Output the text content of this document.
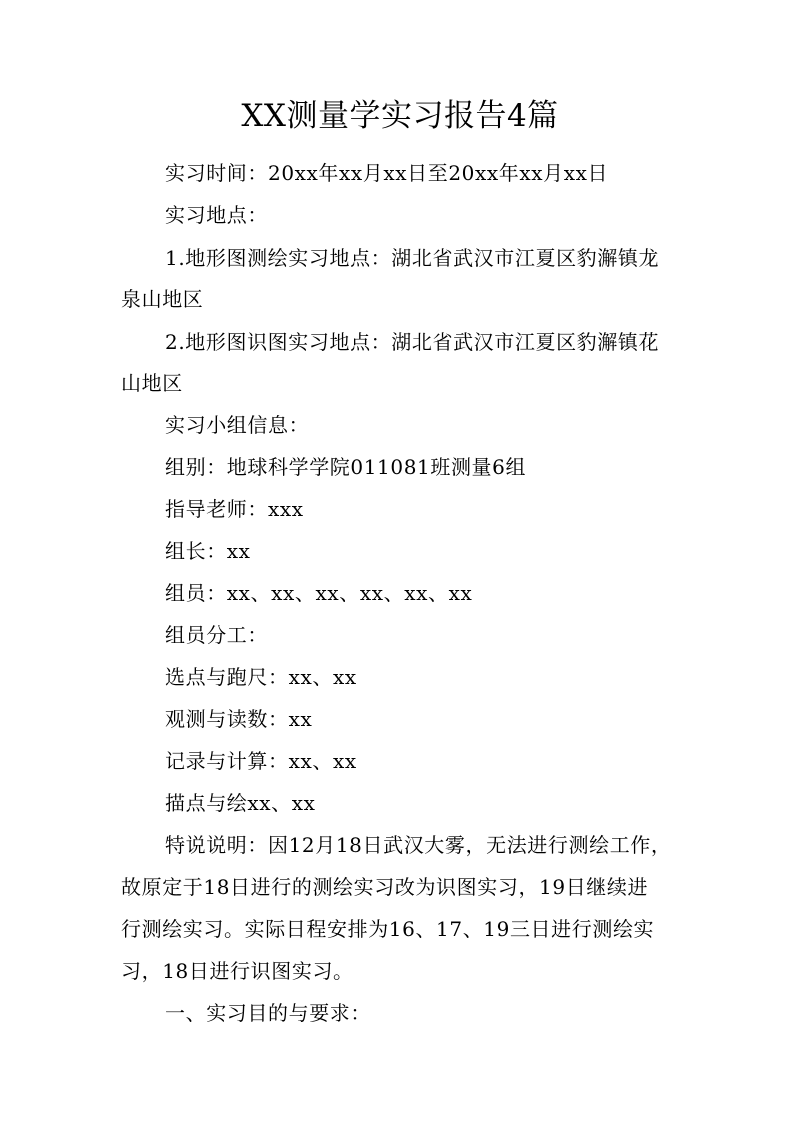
XX测量学实习报告4篇
实习时间：20xx年xx月xx日至20xx年xx月xx日
实习地点：
1.地形图测绘实习地点：湖北省武汉市江夏区豹澥镇龙
泉山地区
2.地形图识图实习地点：湖北省武汉市江夏区豹澥镇花
山地区
实习小组信息：
组别：地球科学学院011081班测量6组
指导老师：xxx
组长：xx
组员：xx、xx、xx、xx、xx、xx
组员分工：
选点与跑尺：xx、xx
观测与读数：xx
记录与计算：xx、xx
描点与绘xx、xx
特说说明：因12月18日武汉大雾，无法进行测绘工作，
故原定于18日进行的测绘实习改为识图实习，19日继续进
行测绘实习。实际日程安排为16、17、19三日进行测绘实
习，18日进行识图实习。
一、实习目的与要求：
